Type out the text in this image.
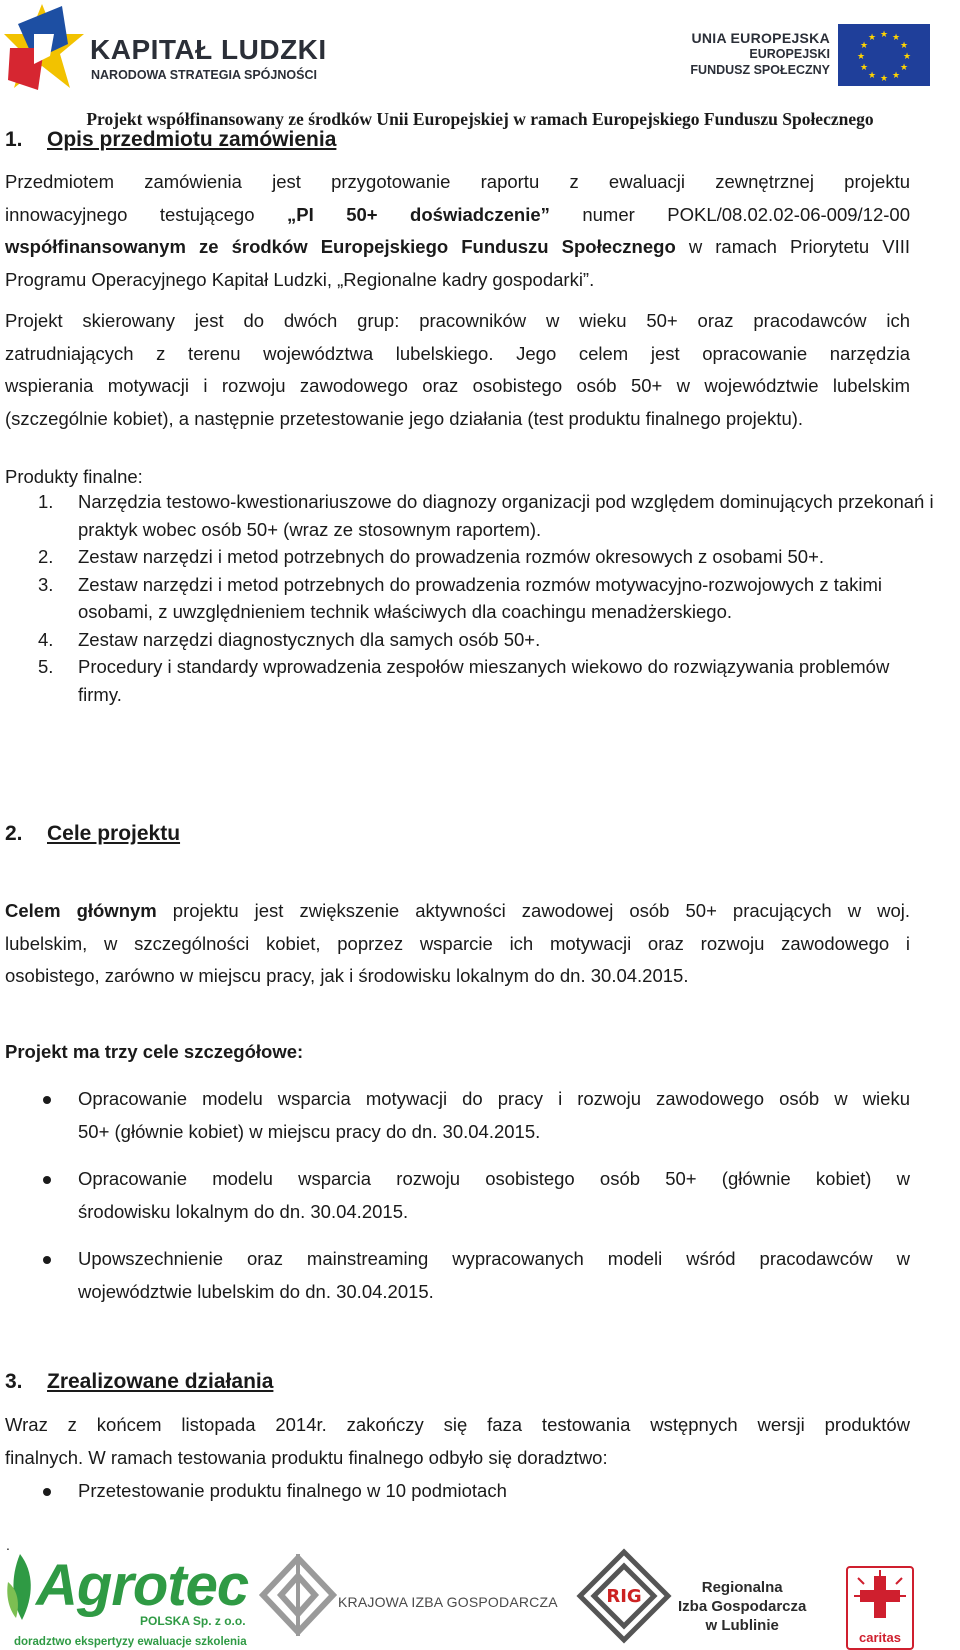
KAPITAŁ LUDZKI
NARODOWA STRATEGIA SPÓJNOŚCI
UNIA EUROPEJSKA
EUROPEJSKI
FUNDUSZ SPOŁECZNY
★ ★
★
★
★
★
★
★
★
★
★
★
Projekt współfinansowany ze środków Unii Europejskiej w ramach Europejskiego Funduszu Społecznego
1. Opis przedmiotu zamówienia
Przedmiotem zamówienia jest przygotowanie raportu z ewaluacji zewnętrznej projektu
innowacyjnego testującego „PI 50+ doświadczenie” numer POKL/08.02.02-06-009/12-00
współfinansowanym ze środków Europejskiego Funduszu Społecznego w ramach Priorytetu VIII
Programu Operacyjnego Kapitał Ludzki, „Regionalne kadry gospodarki”.
Projekt skierowany jest do dwóch grup: pracowników w wieku 50+ oraz pracodawców ich
zatrudniających z terenu województwa lubelskiego. Jego celem jest opracowanie narzędzia
wspierania motywacji i rozwoju zawodowego oraz osobistego osób 50+ w województwie lubelskim
(szczególnie kobiet), a następnie przetestowanie jego działania (test produktu finalnego projektu).
Produkty finalne:
1. Narzędzia testowo-kwestionariuszowe do diagnozy organizacji pod względem dominujących przekonań i praktyk wobec osób 50+ (wraz ze stosownym raportem).
2. Zestaw narzędzi i metod potrzebnych do prowadzenia rozmów okresowych z osobami 50+.
3. Zestaw narzędzi i metod potrzebnych do prowadzenia rozmów motywacyjno-rozwojowych z takimi osobami, z uwzględnieniem technik właściwych dla coachingu menadżerskiego.
4. Zestaw narzędzi diagnostycznych dla samych osób 50+.
5. Procedury i standardy wprowadzenia zespołów mieszanych wiekowo do rozwiązywania problemów firmy.
2. Cele projektu
Celem głównym projektu jest zwiększenie aktywności zawodowej osób 50+ pracujących w woj.
lubelskim, w szczególności kobiet, poprzez wsparcie ich motywacji oraz rozwoju zawodowego i
osobistego, zarówno w miejscu pracy, jak i środowisku lokalnym do dn. 30.04.2015.
Projekt ma trzy cele szczegółowe:
Opracowanie modelu wsparcia motywacji do pracy i rozwoju zawodowego osób w wieku
50+ (głównie kobiet) w miejscu pracy do dn. 30.04.2015.
Opracowanie modelu wsparcia rozwoju osobistego osób 50+ (głównie kobiet) w
środowisku lokalnym do dn. 30.04.2015.
Upowszechnienie oraz mainstreaming wypracowanych modeli wśród pracodawców w
województwie lubelskim do dn. 30.04.2015.
3. Zrealizowane działania
Wraz z końcem listopada 2014r. zakończy się faza testowania wstępnych wersji produktów
finalnych. W ramach testowania produktu finalnego odbyło się doradztwo:
Przetestowanie produktu finalnego w 10 podmiotach
.
Agrotec
POLSKA Sp. z o.o.
doradztwo ekspertyzy ewaluacje szkolenia
KRAJOWA IZBA GOSPODARCZA	RIG	Regionalna
Izba Gospodarcza
w Lublinie
caritas
